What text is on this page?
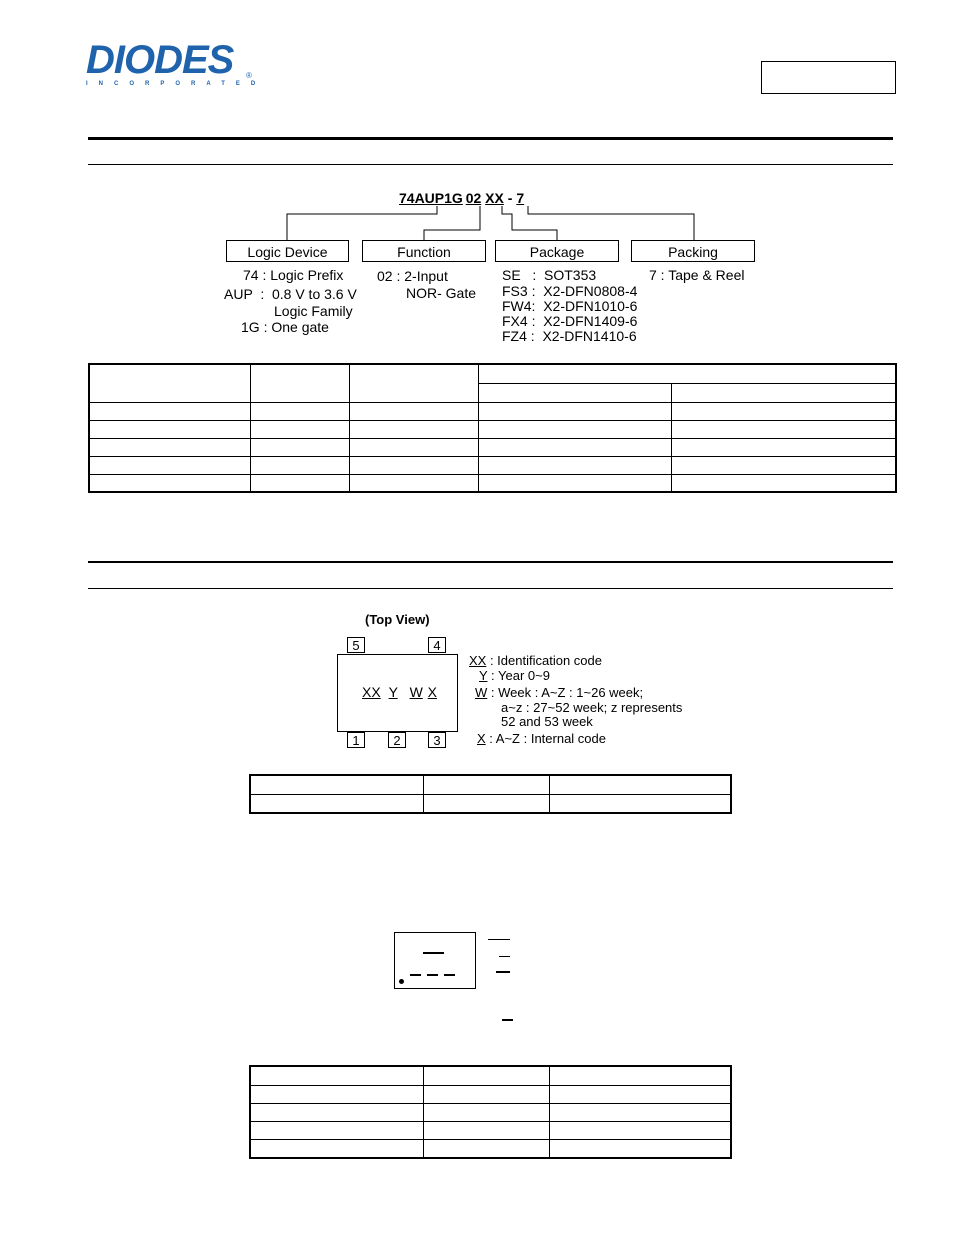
DIODES
INCORPORATED
®
74AUP1G 02 XX - 7
Logic Device	Function	Package	Packing
74 : Logic Prefix
AUP  :  0.8 V to 3.6 V
Logic Family
1G : One gate
02 : 2-Input
NOR- Gate
SE   :  SOT353
FS3 :  X2-DFN0808-4
FW4:  X2-DFN1010-6
FX4 :  X2-DFN1409-6
FZ4 :  X2-DFN1410-6
7 : Tape & Reel

(Top View)
5	4
XX Y W X
1	2	3
XX : Identification code
Y : Year 0~9
W : Week : A~Z : 1~26 week;
a~z : 27~52 week; z represents
52 and 53 week
X : A~Z : Internal code
